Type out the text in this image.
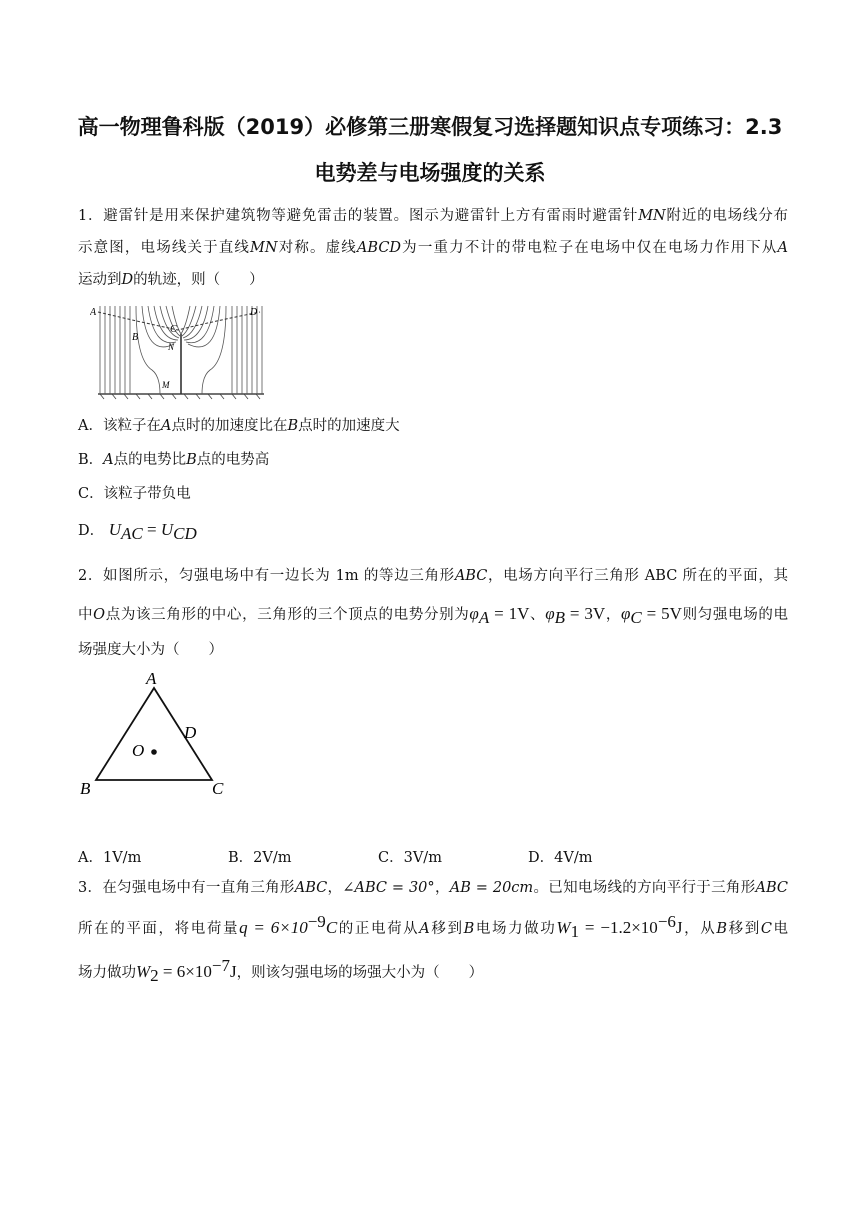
高一物理鲁科版（2019）必修第三册寒假复习选择题知识点专项练习：2.3
电势差与电场强度的关系
1．避雷针是用来保护建筑物等避免雷击的装置。图示为避雷针上方有雷雨时避雷针MN附近的电场线分布
示意图，电场线关于直线MN对称。虚线ABCD为一重力不计的带电粒子在电场中仅在电场力作用下从A
运动到D的轨迹，则（　　）
A
B
C
D
N
M
A．该粒子在A点时的加速度比在B点时的加速度大
B．A点的电势比B点的电势高
C．该粒子带负电
D． $U_{AC} = U_{CD}$
2．如图所示，匀强电场中有一边长为 1m 的等边三角形ABC，电场方向平行三角形 ABC 所在的平面，其
中O点为该三角形的中心，三角形的三个顶点的电势分别为$\varphi_A = 1V$、$\varphi_B = 3V$，$\varphi_C = 5V$则匀强电场的电
场强度大小为（　　）
A
D
O
B	C
A．1V/m	B．2V/m	C．3V/m	D．4V/m
3．在匀强电场中有一直角三角形ABC，∠ABC = 30°，AB = 20cm。已知电场线的方向平行于三角形ABC
所在的平面，将电荷量$q = 6\times 10^{-9}C$的正电荷从A移到B电场力做功$W_1 = -1.2\times 10^{-6}J$，从B移到C电
场力做功$W_2 = 6\times 10^{-7}J$，则该匀强电场的场强大小为（　　）
